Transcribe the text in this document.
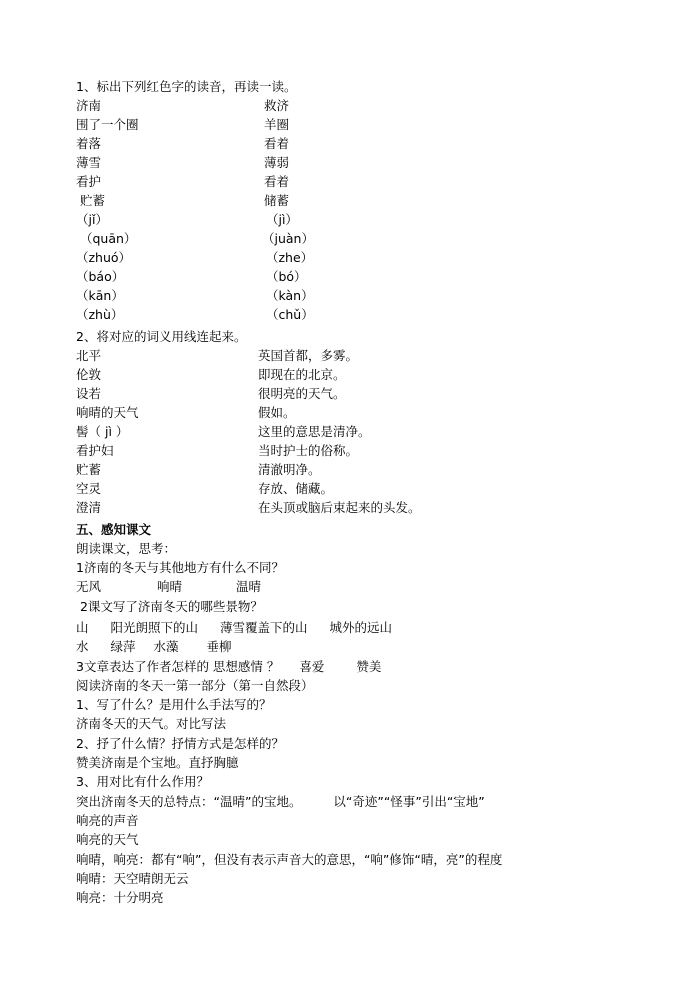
1、标出下列红色字的读音，再读一读。
济南	救济
围了一个圈	羊圈
着落	看着
薄雪	薄弱
看护	看着
贮蓄	储蓄
（jǐ）	（jì）
（quān）	（juàn）
（zhuó）	（zhe）
（báo）	（bó）
（kān）	（kàn）
（zhù）	（chǔ）
2、将对应的词义用线连起来。
北平	英国首都，多雾。
伦敦	即现在的北京。
设若	很明亮的天气。
响晴的天气	假如。
髻（ jì ）	这里的意思是清净。
看护妇	当时护士的俗称。
贮蓄	清澈明净。
空灵	存放、储藏。
澄清	在头顶或脑后束起来的头发。
五、感知课文
朗读课文，思考：
1济南的冬天与其他地方有什么不同？
无风	响晴	温晴
2课文写了济南冬天的哪些景物？
山 阳光朗照下的山 薄雪覆盖下的山 城外的远山
水 绿萍 水藻 垂柳
3文章表达了作者怎样的 思想感情 ？ 喜爱	赞美
阅读济南的冬天一第一部分（第一自然段）
1、写了什么？是用什么手法写的？
济南冬天的天气。对比写法
2、抒了什么情？抒情方式是怎样的？
赞美济南是个宝地。直抒胸臆
3、用对比有什么作用？
突出济南冬天的总特点：“温晴”的宝地。	以“奇迹”“怪事”引出“宝地”
响亮的声音
响亮的天气
响晴，响亮：都有“响”，但没有表示声音大的意思，“响”修饰“晴，亮”的程度
响晴：天空晴朗无云
响亮：十分明亮
